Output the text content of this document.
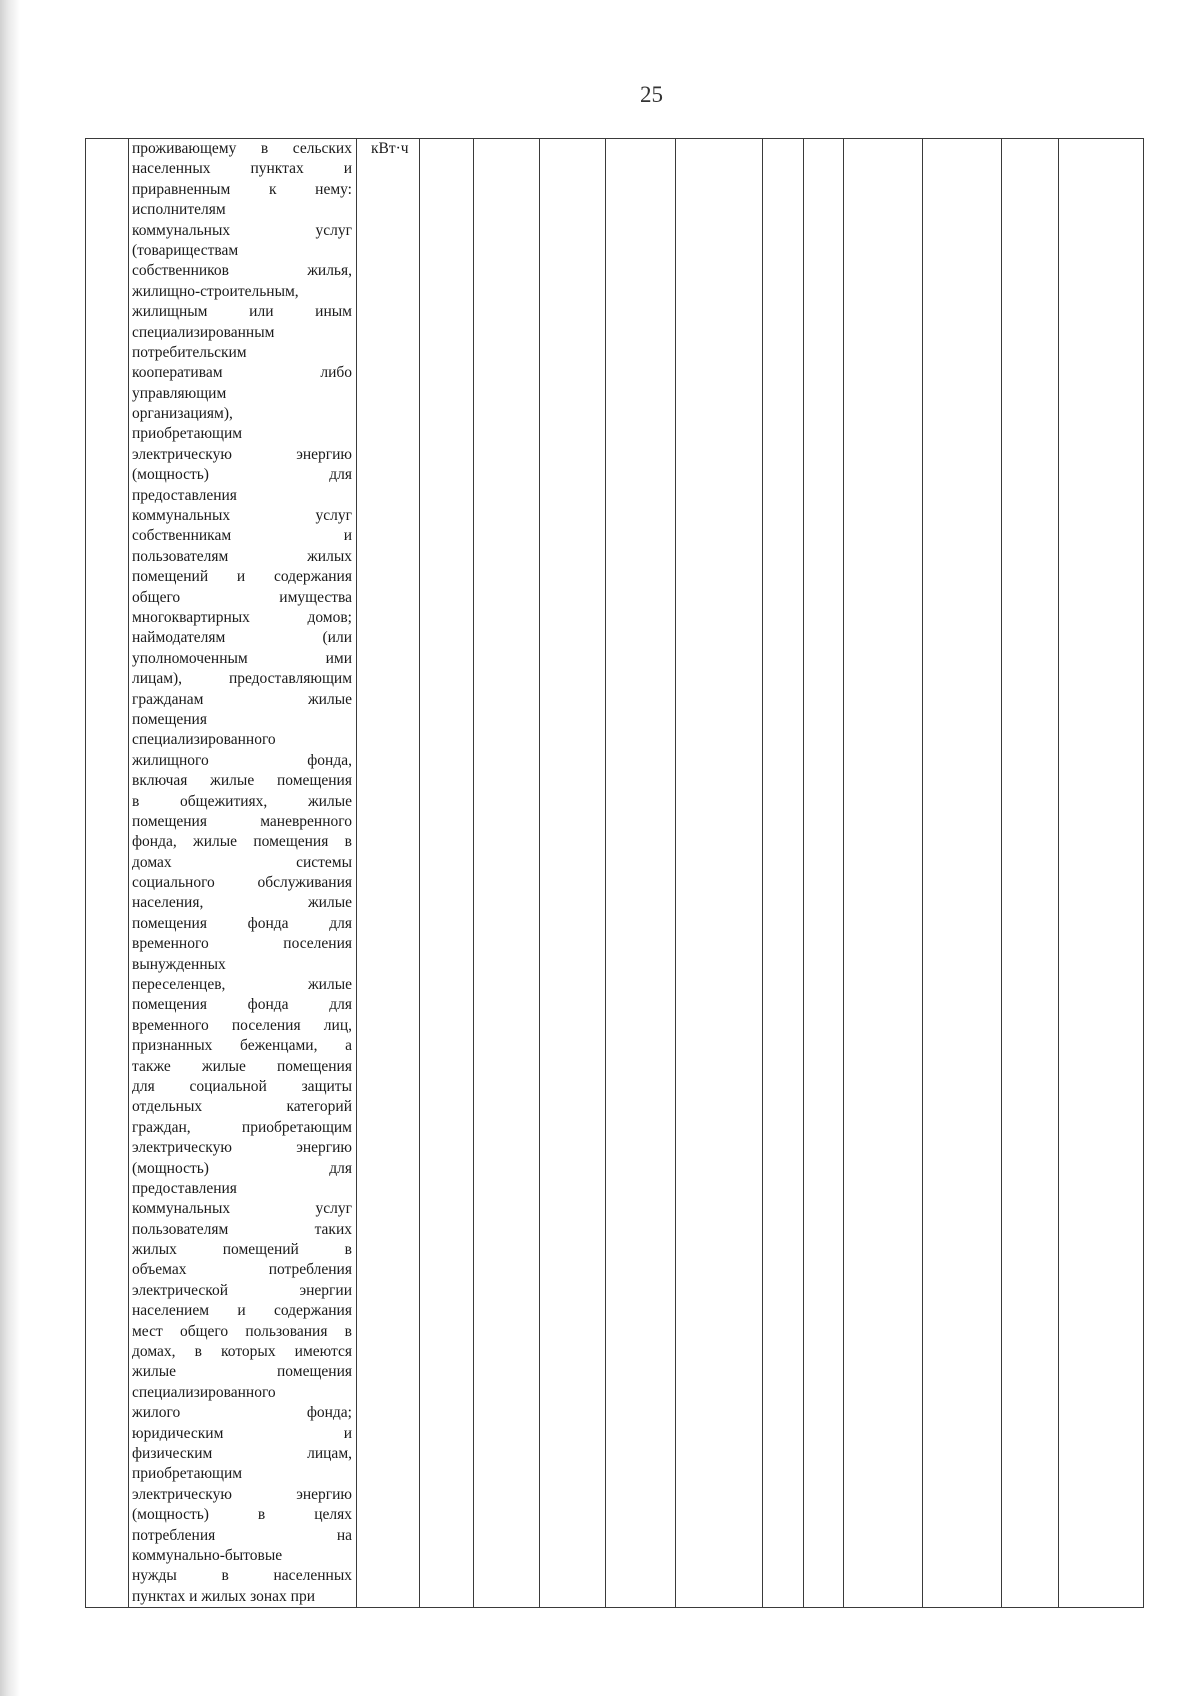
25

проживающему в сельских
населенных	пунктах	и
приравненным к нему:
исполнителям
коммунальных	услуг
(товариществам
собственников	жилья,
жилищно-строительным,
жилищным	или	иным
специализированным
потребительским
кооперативам	либо
управляющим
организациям),
приобретающим
электрическую	энергию
(мощность)	для
предоставления
коммунальных	услуг
собственникам	и
пользователям	жилых
помещений и содержания
общего	имущества
многоквартирных	домов;
наймодателям	(или
уполномоченным	ими
лицам),	предоставляющим
гражданам	жилые
помещения
специализированного
жилищного	фонда,
включая жилые помещения
в	общежитиях,	жилые
помещения	маневренного
фонда, жилые помещения в
домах	системы
социального	обслуживания
населения,	жилые
помещения	фонда	для
временного	поселения
вынужденных
переселенцев,	жилые
помещения	фонда	для
временного поселения лиц,
признанных беженцами, а
также жилые помещения
для социальной защиты
отдельных	категорий
граждан,	приобретающим
электрическую	энергию
(мощность)	для
предоставления
коммунальных	услуг
пользователям	таких
жилых	помещений	в
объемах	потребления
электрической	энергии
населением и содержания
мест общего пользования в
домах, в которых имеются
жилые	помещения
специализированного
жилого	фонда;
юридическим	и
физическим	лицам,
приобретающим
электрическую	энергию
(мощность)	в	целях
потребления	на
коммунально-бытовые
нужды	в	населенных
пунктах и жилых зонах при

кВт·ч
